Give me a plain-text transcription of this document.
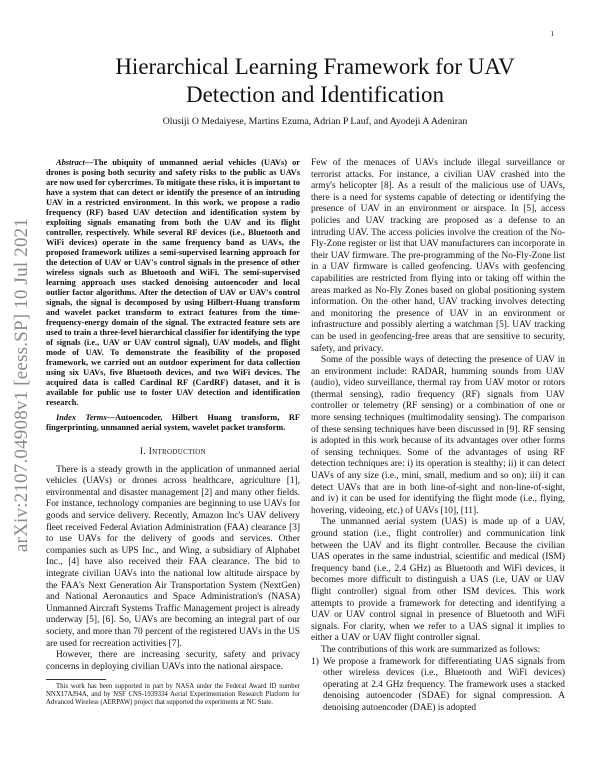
1
arXiv:2107.04908v1 [eess.SP] 10 Jul 2021
Hierarchical Learning Framework for UAV Detection and Identification
Olusiji O Medaiyese, Martins Ezuma, Adrian P Lauf, and Ayodeji A Adeniran

Abstract—The ubiquity of unmanned aerial vehicles (UAVs) or drones is posing both security and safety risks to the public as UAVs are now used for cybercrimes. To mitigate these risks, it is important to have a system that can detect or identify the presence of an intruding UAV in a restricted environment. In this work, we propose a radio frequency (RF) based UAV detection and identification system by exploiting signals emanating from both the UAV and its flight controller, respectively. While several RF devices (i.e., Bluetooth and WiFi devices) operate in the same frequency band as UAVs, the proposed framework utilizes a semi-supervised learning approach for the detection of UAV or UAV's control signals in the presence of other wireless signals such as Bluetooth and WiFi. The semi-supervised learning approach uses stacked denoising autoencoder and local outlier factor algorithms. After the detection of UAV or UAV's control signals, the signal is decomposed by using Hilbert-Huang transform and wavelet packet transform to extract features from the time-frequency-energy domain of the signal. The extracted feature sets are used to train a three-level hierarchical classifier for identifying the type of signals (i.e., UAV or UAV control signal), UAV models, and flight mode of UAV. To demonstrate the feasibility of the proposed framework, we carried out an outdoor experiment for data collection using six UAVs, five Bluetooth devices, and two WiFi devices. The acquired data is called Cardinal RF (CardRF) dataset, and it is available for public use to foster UAV detection and identification research.

Index Terms—Autoencoder, Hilbert Huang transform, RF fingerprinting, unmanned aerial system, wavelet packet transform.

I. Introduction

There is a steady growth in the application of unmanned aerial vehicles (UAVs) or drones across healthcare, agriculture [1], environmental and disaster management [2] and many other fields. For instance, technology companies are beginning to use UAVs for goods and service delivery. Recently, Amazon Inc's UAV delivery fleet received Federal Aviation Administration (FAA) clearance [3] to use UAVs for the delivery of goods and services. Other companies such as UPS Inc., and Wing, a subsidiary of Alphabet Inc., [4] have also received their FAA clearance. The bid to integrate civilian UAVs into the national low altitude airspace by the FAA's Next Generation Air Transportation System (NextGen) and National Aeronautics and Space Administration's (NASA) Unmanned Aircraft Systems Traffic Management project is already underway [5], [6]. So, UAVs are becoming an integral part of our society, and more than 70 percent of the registered UAVs in the US are used for recreation activities [7].

However, there are increasing security, safety and privacy concerns in deploying civilian UAVs into the national airspace.

This work has been supported in part by NASA under the Federal Award ID number NNX17AJ94A, and by NSF CNS-1939334 Aerial Experimentation Research Platform for Advanced Wireless (AERPAW) project that supported the experiments at NC State.

Few of the menaces of UAVs include illegal surveillance or terrorist attacks. For instance, a civilian UAV crashed into the army's helicopter [8]. As a result of the malicious use of UAVs, there is a need for systems capable of detecting or identifying the presence of UAV in an environment or airspace. In [5], access policies and UAV tracking are proposed as a defense to an intruding UAV. The access policies involve the creation of the No-Fly-Zone register or list that UAV manufacturers can incorporate in their UAV firmware. The pre-programming of the No-Fly-Zone list in a UAV firmware is called geofencing. UAVs with geofencing capabilities are restricted from flying into or taking off within the areas marked as No-Fly Zones based on global positioning system information. On the other hand, UAV tracking involves detecting and monitoring the presence of UAV in an environment or infrastructure and possibly alerting a watchman [5]. UAV tracking can be used in geofencing-free areas that are sensitive to security, safety, and privacy.

Some of the possible ways of detecting the presence of UAV in an environment include: RADAR, humming sounds from UAV (audio), video surveillance, thermal ray from UAV motor or rotors (thermal sensing), radio frequency (RF) signals from UAV controller or telemetry (RF sensing) or a combination of one or more sensing techniques (multimodality sensing). The comparison of these sensing techniques have been discussed in [9]. RF sensing is adopted in this work because of its advantages over other forms of sensing techniques. Some of the advantages of using RF detection techniques are: i) its operation is stealthy; ii) it can detect UAVs of any size (i.e., mini, small, medium and so on); iii) it can detect UAVs that are in both line-of-sight and non-line-of-sight, and iv) it can be used for identifying the flight mode (i.e., flying, hovering, videoing, etc.) of UAVs [10], [11].

The unmanned aerial system (UAS) is made up of a UAV, ground station (i.e., flight controller) and communication link between the UAV and its flight controller. Because the civilian UAS operates in the same industrial, scientific and medical (ISM) frequency band (i.e., 2.4 GHz) as Bluetooth and WiFi devices, it becomes more difficult to distinguish a UAS (i.e, UAV or UAV flight controller) signal from other ISM devices. This work attempts to provide a framework for detecting and identifying a UAV or UAV control signal in presence of Bluetooth and WiFi signals. For clarity, when we refer to a UAS signal it implies to either a UAV or UAV flight controller signal.

The contributions of this work are summarized as follows:

1) We propose a framework for differentiating UAS signals from other wireless devices (i.e., Bluetooth and WiFi devices) operating at 2.4 GHz frequency. The framework uses a stacked denoising autoencoder (SDAE) for signal compression. A denoising autoencoder (DAE) is adopted
